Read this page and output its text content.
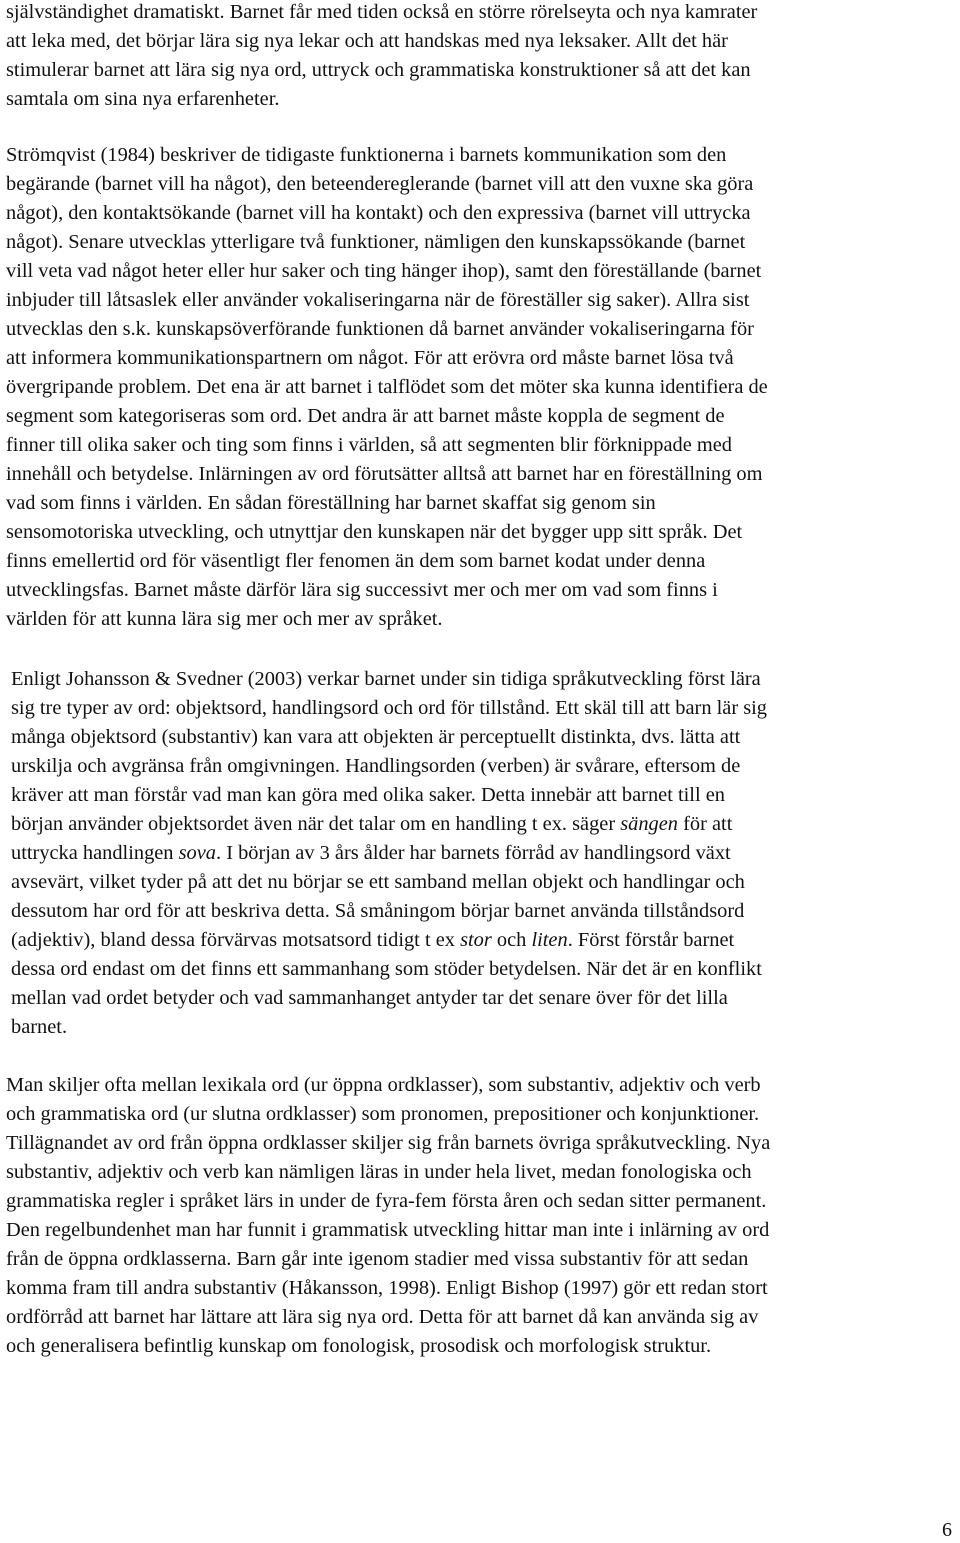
självständighet dramatiskt. Barnet får med tiden också en större rörelseyta och nya kamrater
att leka med, det börjar lära sig nya lekar och att handskas med nya leksaker. Allt det här
stimulerar barnet att lära sig nya ord, uttryck och grammatiska konstruktioner så att det kan
samtala om sina nya erfarenheter.
Strömqvist (1984) beskriver de tidigaste funktionerna i barnets kommunikation som den
begärande (barnet vill ha något), den beteendereglerande (barnet vill att den vuxne ska göra
något), den kontaktsökande (barnet vill ha kontakt) och den expressiva (barnet vill uttrycka
något). Senare utvecklas ytterligare två funktioner, nämligen den kunskapssökande (barnet
vill veta vad något heter eller hur saker och ting hänger ihop), samt den föreställande (barnet
inbjuder till låtsaslek eller använder vokaliseringarna när de föreställer sig saker). Allra sist
utvecklas den s.k. kunskapsöverförande funktionen då barnet använder vokaliseringarna för
att informera kommunikationspartnern om något. För att erövra ord måste barnet lösa två
övergripande problem. Det ena är att barnet i talflödet som det möter ska kunna identifiera de
segment som kategoriseras som ord. Det andra är att barnet måste koppla de segment de
finner till olika saker och ting som finns i världen, så att segmenten blir förknippade med
innehåll och betydelse. Inlärningen av ord förutsätter alltså att barnet har en föreställning om
vad som finns i världen. En sådan föreställning har barnet skaffat sig genom sin
sensomotoriska utveckling, och utnyttjar den kunskapen när det bygger upp sitt språk. Det
finns emellertid ord för väsentligt fler fenomen än dem som barnet kodat under denna
utvecklingsfas. Barnet måste därför lära sig successivt mer och mer om vad som finns i
världen för att kunna lära sig mer och mer av språket.
Enligt Johansson & Svedner (2003) verkar barnet under sin tidiga språkutveckling först lära
sig tre typer av ord: objektsord, handlingsord och ord för tillstånd. Ett skäl till att barn lär sig
många objektsord (substantiv) kan vara att objekten är perceptuellt distinkta, dvs. lätta att
urskilja och avgränsa från omgivningen. Handlingsorden (verben) är svårare, eftersom de
kräver att man förstår vad man kan göra med olika saker. Detta innebär att barnet till en
början använder objektsordet även när det talar om en handling t ex. säger sängen för att
uttrycka handlingen sova. I början av 3 års ålder har barnets förråd av handlingsord växt
avsevärt, vilket tyder på att det nu börjar se ett samband mellan objekt och handlingar och
dessutom har ord för att beskriva detta. Så småningom börjar barnet använda tillståndsord
(adjektiv), bland dessa förvärvas motsatsord tidigt t ex stor och liten. Först förstår barnet
dessa ord endast om det finns ett sammanhang som stöder betydelsen. När det är en konflikt
mellan vad ordet betyder och vad sammanhanget antyder tar det senare över för det lilla
barnet.
Man skiljer ofta mellan lexikala ord (ur öppna ordklasser), som substantiv, adjektiv och verb
och grammatiska ord (ur slutna ordklasser) som pronomen, prepositioner och konjunktioner.
Tillägnandet av ord från öppna ordklasser skiljer sig från barnets övriga språkutveckling. Nya
substantiv, adjektiv och verb kan nämligen läras in under hela livet, medan fonologiska och
grammatiska regler i språket lärs in under de fyra-fem första åren och sedan sitter permanent.
Den regelbundenhet man har funnit i grammatisk utveckling hittar man inte i inlärning av ord
från de öppna ordklasserna. Barn går inte igenom stadier med vissa substantiv för att sedan
komma fram till andra substantiv (Håkansson, 1998). Enligt Bishop (1997) gör ett redan stort
ordförråd att barnet har lättare att lära sig nya ord. Detta för att barnet då kan använda sig av
och generalisera befintlig kunskap om fonologisk, prosodisk och morfologisk struktur.
6
